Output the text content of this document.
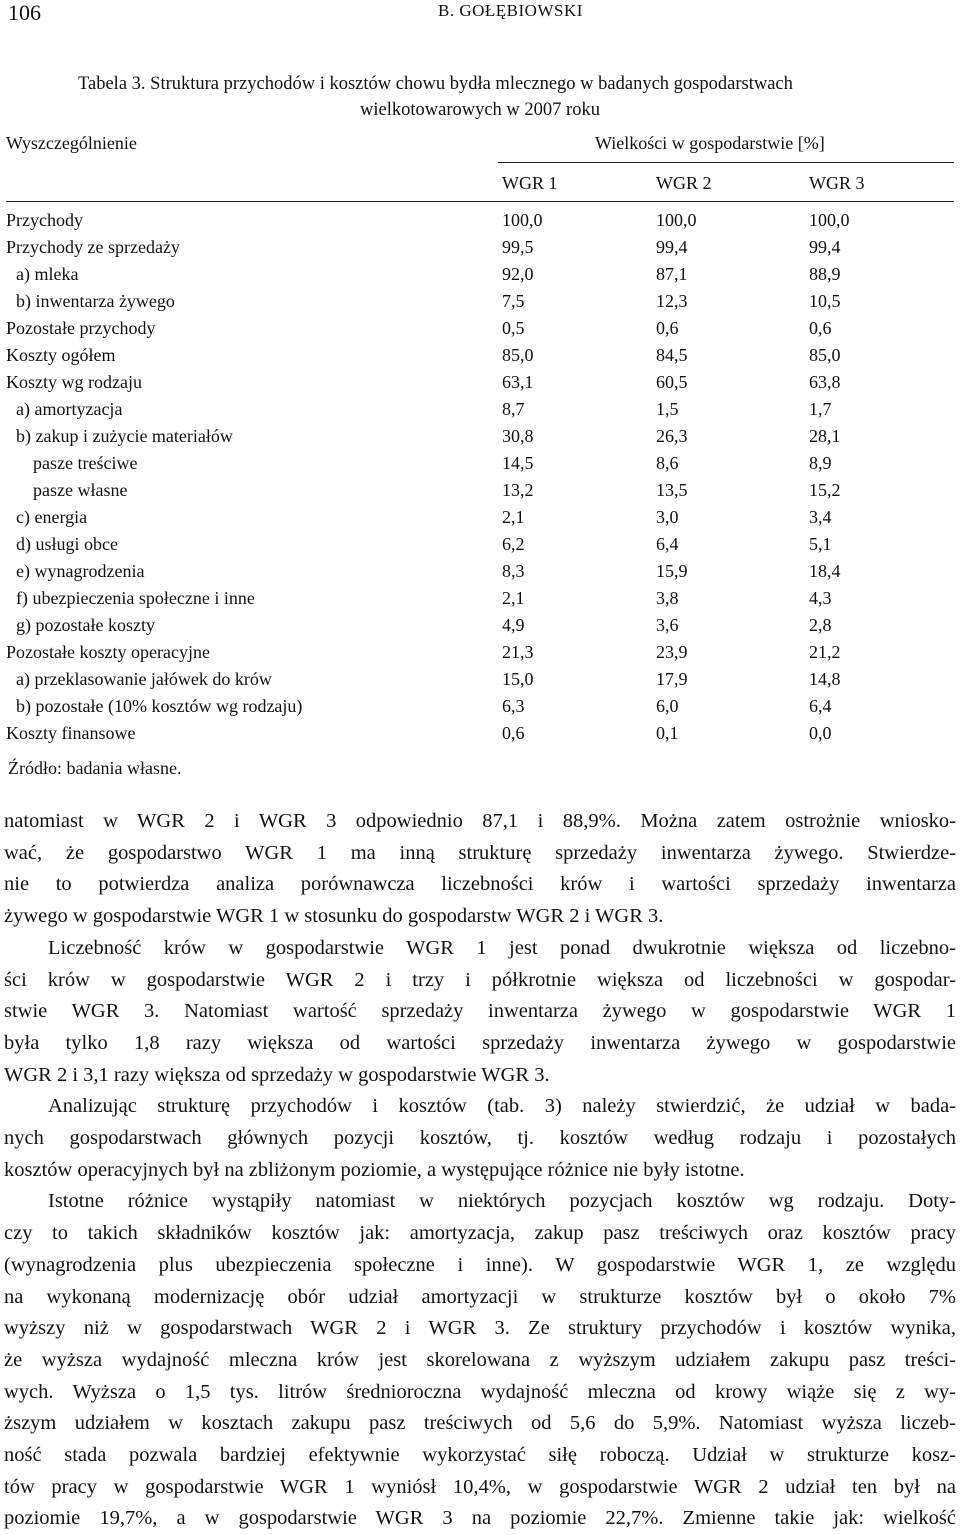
106	B. GOŁĘBIOWSKI
Tabela 3. Struktura przychodów i kosztów chowu bydła mlecznego w badanych gospodarstwach
wielkotowarowych w 2007 roku
Wyszczególnienie	Wielkości w gospodarstwie [%]
WGR 1	WGR 2	WGR 3
Przychody	100,0	100,0	100,0
Przychody ze sprzedaży	99,5	99,4	99,4
a) mleka	92,0	87,1	88,9
b) inwentarza żywego	7,5	12,3	10,5
Pozostałe przychody	0,5	0,6	0,6
Koszty ogółem	85,0	84,5	85,0
Koszty wg rodzaju	63,1	60,5	63,8
a) amortyzacja	8,7	1,5	1,7
b) zakup i zużycie materiałów	30,8	26,3	28,1
pasze treściwe	14,5	8,6	8,9
pasze własne	13,2	13,5	15,2
c) energia	2,1	3,0	3,4
d) usługi obce	6,2	6,4	5,1
e) wynagrodzenia	8,3	15,9	18,4
f) ubezpieczenia społeczne i inne	2,1	3,8	4,3
g) pozostałe koszty	4,9	3,6	2,8
Pozostałe koszty operacyjne	21,3	23,9	21,2
a) przeklasowanie jałówek do krów	15,0	17,9	14,8
b) pozostałe (10% kosztów wg rodzaju)	6,3	6,0	6,4
Koszty finansowe	0,6	0,1	0,0
Źródło: badania własne.

natomiast w WGR 2 i WGR 3 odpowiednio 87,1 i 88,9%. Można zatem ostrożnie wniosko-

wać, że gospodarstwo WGR 1 ma inną strukturę sprzedaży inwentarza żywego. Stwierdze-

nie to potwierdza analiza porównawcza liczebności krów i wartości sprzedaży inwentarza

żywego w gospodarstwie WGR 1 w stosunku do gospodarstw WGR 2 i WGR 3.

Liczebność krów w gospodarstwie WGR 1 jest ponad dwukrotnie większa od liczebno-

ści krów w gospodarstwie WGR 2 i trzy i półkrotnie większa od liczebności w gospodar-

stwie WGR 3. Natomiast wartość sprzedaży inwentarza żywego w gospodarstwie WGR 1

była tylko 1,8 razy większa od wartości sprzedaży inwentarza żywego w gospodarstwie

WGR 2 i 3,1 razy większa od sprzedaży w gospodarstwie WGR 3.

Analizując strukturę przychodów i kosztów (tab. 3) należy stwierdzić, że udział w bada-

nych gospodarstwach głównych pozycji kosztów, tj. kosztów według rodzaju i pozostałych

kosztów operacyjnych był na zbliżonym poziomie, a występujące różnice nie były istotne.

Istotne różnice wystąpiły natomiast w niektórych pozycjach kosztów wg rodzaju. Doty-

czy to takich składników kosztów jak: amortyzacja, zakup pasz treściwych oraz kosztów pracy

(wynagrodzenia plus ubezpieczenia społeczne i inne). W gospodarstwie WGR 1, ze względu

na wykonaną modernizację obór udział amortyzacji w strukturze kosztów był o około 7%

wyższy niż w gospodarstwach WGR 2 i WGR 3. Ze struktury przychodów i kosztów wynika,

że wyższa wydajność mleczna krów jest skorelowana z wyższym udziałem zakupu pasz treści-

wych. Wyższa o 1,5 tys. litrów średnioroczna wydajność mleczna od krowy wiąże się z wy-

ższym udziałem w kosztach zakupu pasz treściwych od 5,6 do 5,9%. Natomiast wyższa liczeb-

ność stada pozwala bardziej efektywnie wykorzystać siłę roboczą. Udział w strukturze kosz-

tów pracy w gospodarstwie WGR 1 wyniósł 10,4%, w gospodarstwie WGR 2 udział ten był na

poziomie 19,7%, a w gospodarstwie WGR 3 na poziomie 22,7%. Zmienne takie jak: wielkość
